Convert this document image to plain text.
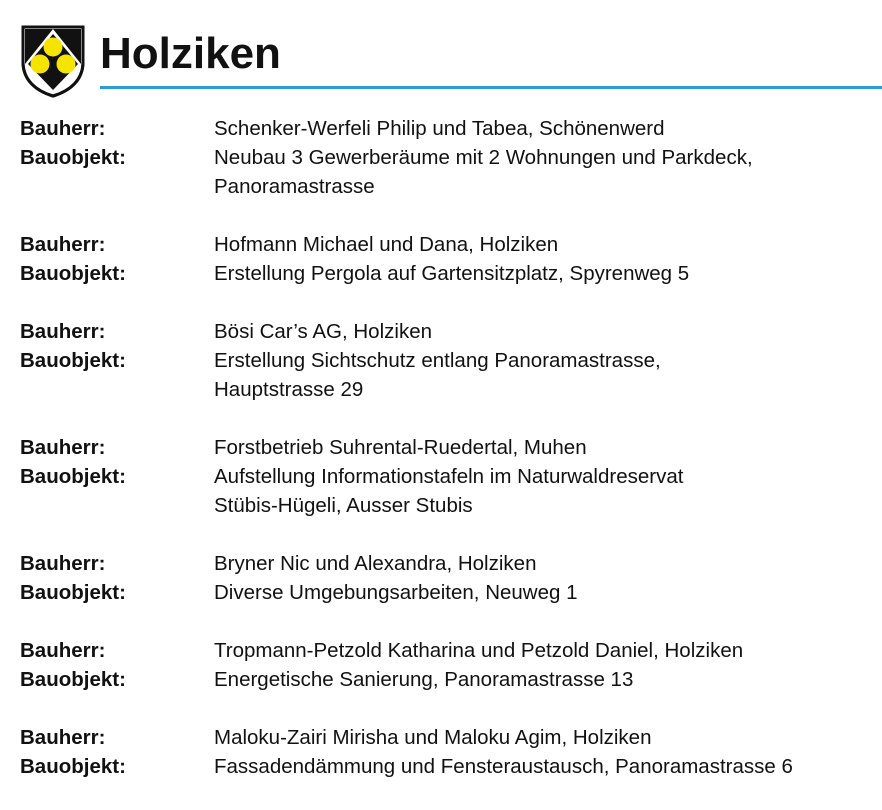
Holziken
Bauherr:	Schenker-Werfeli Philip und Tabea, Schönenwerd
Bauobjekt:	Neubau 3 Gewerberäume mit 2 Wohnungen und Parkdeck,
Panoramastrasse
Bauherr:	Hofmann Michael und Dana, Holziken
Bauobjekt:	Erstellung Pergola auf Gartensitzplatz, Spyrenweg 5
Bauherr:	Bösi Car’s AG, Holziken
Bauobjekt:	Erstellung Sichtschutz entlang Panoramastrasse,
Hauptstrasse 29
Bauherr:	Forstbetrieb Suhrental-Ruedertal, Muhen
Bauobjekt:	Aufstellung Informationstafeln im Naturwaldreservat
Stübis-Hügeli, Ausser Stubis
Bauherr:	Bryner Nic und Alexandra, Holziken
Bauobjekt:	Diverse Umgebungsarbeiten, Neuweg 1
Bauherr:	Tropmann-Petzold Katharina und Petzold Daniel, Holziken
Bauobjekt:	Energetische Sanierung, Panoramastrasse 13
Bauherr:	Maloku-Zairi Mirisha und Maloku Agim, Holziken
Bauobjekt:	Fassadendämmung und Fensteraustausch, Panoramastrasse 6
